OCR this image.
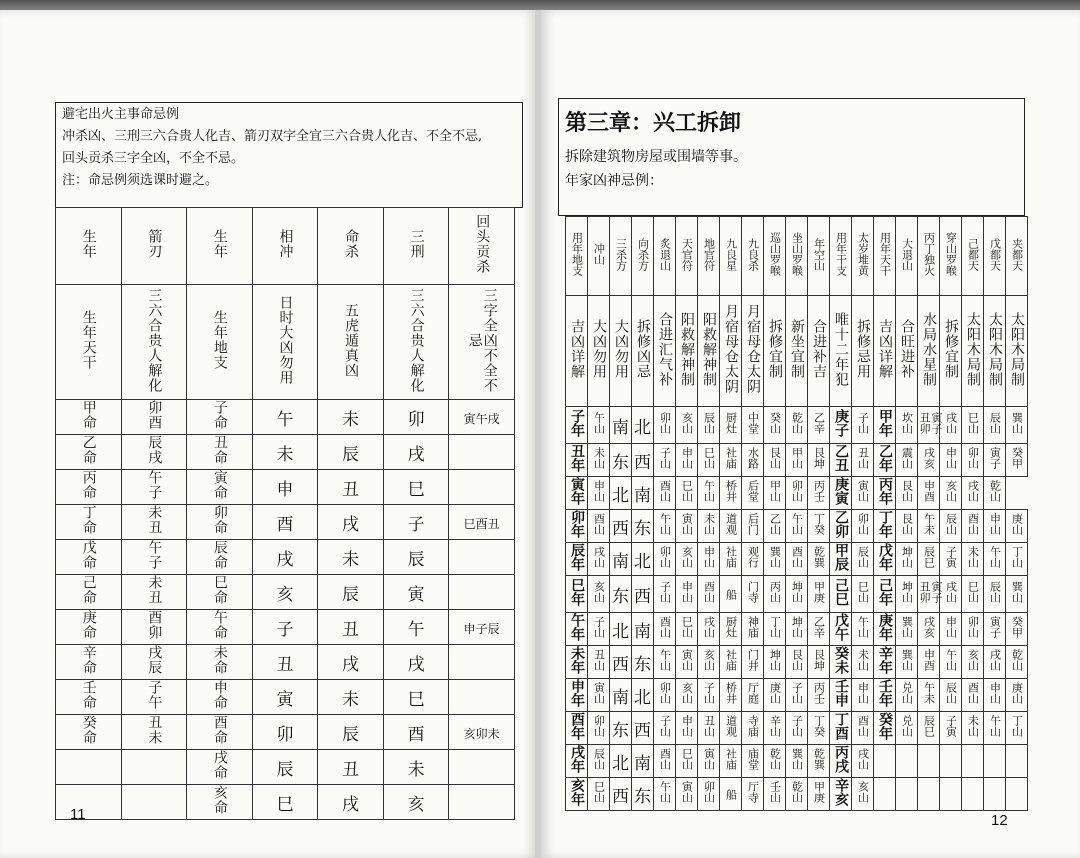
避宅出火主事命忌例
冲杀凶、三刑三六合贵人化吉、箭刃双字全宜三六合贵人化吉、不全不忌,
回头贡杀三字全凶，不全不忌。
注：命忌例须选课时避之。
生年	箭刃	生年	相冲	命杀	三刑	回头贡杀
生年天干	三六合贵人解化	生年地支	日时大凶勿用	五虎遁真凶	三六合贵人解化	三字全凶不全不忌
甲命	卯酉	子命	午	未	卯	寅午戌
乙命	辰戌	丑命	未	辰	戌	
丙命	午子	寅命	申	丑	巳	
丁命	未丑	卯命	酉	戌	子	巳酉丑
戊命	午子	辰命	戌	未	辰	
己命	未丑	巳命	亥	辰	寅	
庚命	酉卯	午命	子	丑	午	申子辰
辛命	戌辰	未命	丑	戌	戌	
壬命	子午	申命	寅	未	巳	
癸命	丑未	酉命	卯	辰	酉	亥卯未
		戌命	辰	丑	未	
		亥命	巳	戌	亥	
11
第三章：兴工拆卸
拆除建筑物房屋或围墙等事。
年家凶神忌例：
用年地支	冲山	三杀方	向杀方	炙退山	天官符	地官符	九良星	九良杀	巡山罗喉	坐山罗喉	年空山	用年干支	太岁堆黄	用年天干	大退山	丙丁独火	穿山罗喉	己都天	戊都天	夹都天
吉凶详解	大凶勿用	大凶勿用	拆修凶忌	合进汇气补	阳救解神制	阳救解神制	月宿母仓太阴	月宿母仓太阴	拆修宜制	新坐宜制	合进补吉	唯十二年犯	拆修忌用	吉凶详解	合旺进补	水局水星制	拆修宜制	太阳木局制	太阳木局制	太阳木局制
子年	午山	南	北	卯山	亥山	辰山	厨灶	中堂	癸山	乾山	乙辛	庚子	子山	甲年	坎山	寅子丑卯	戌山	巳山	辰山	巽山
丑年	未山	东	西	子山	申山	巳山	社庙	水路	艮山	甲山	艮坤	乙丑	丑山	乙年	震山	戌亥	申山	卯山	寅子	癸甲
寅年	申山	北	南	酉山	巳山	午山	桥井	后堂	甲山	卯山	丙壬	庚寅	寅山	丙年	艮山	申酉	亥山	戌山	乾山	
卯年	酉山	西	东	午山	寅山	未山	道观	后门	乙山	午山	丁癸	乙卯	卯山	丁年	艮山	午未	辰山	酉山	申山	庚山
辰年	戌山	南	北	卯山	亥山	申山	社庙	观行	巽山	酉山	乾巽	甲辰	辰山	戊年	坤山	辰巳	子寅	未山	午山	丁山
巳年	亥山	东	西	子山	申山	酉山	船	门寺	丙山	坤山	甲庚	己巳	巳山	己年	坤山	寅子丑卯	戌山	巳山	辰山	巽山
午年	子山	北	南	酉山	巳山	戌山	厨灶	神庙	丁山	坤山	乙辛	戊午	午山	庚年	巽山	戌亥	申山	卯山	寅子	癸甲
未年	丑山	西	东	午山	寅山	亥山	社庙	门井	坤山	艮山	艮坤	癸未	未山	辛年	巽山	申酉	午山	亥山	戌山	乾山
申年	寅山	南	北	卯山	亥山	子山	桥井	厅庭	庚山	子山	丙壬	壬申	申山	壬年	兑山	午未	辰山	酉山	申山	庚山
酉年	卯山	东	西	子山	申山	丑山	道观	寺庙	辛山	子山	丁癸	丁酉	酉山	癸年	兑山	辰巳	子寅	未山	午山	丁山
戌年	辰山	北	南	酉山	巳山	寅山	社庙	庙堂	乾山	巽山	乾巽	丙戌	戌山							
亥年	巳山	西	东	午山	寅山	卯山	船	厅寺	壬山	乾山	甲庚	辛亥	亥山							
12
